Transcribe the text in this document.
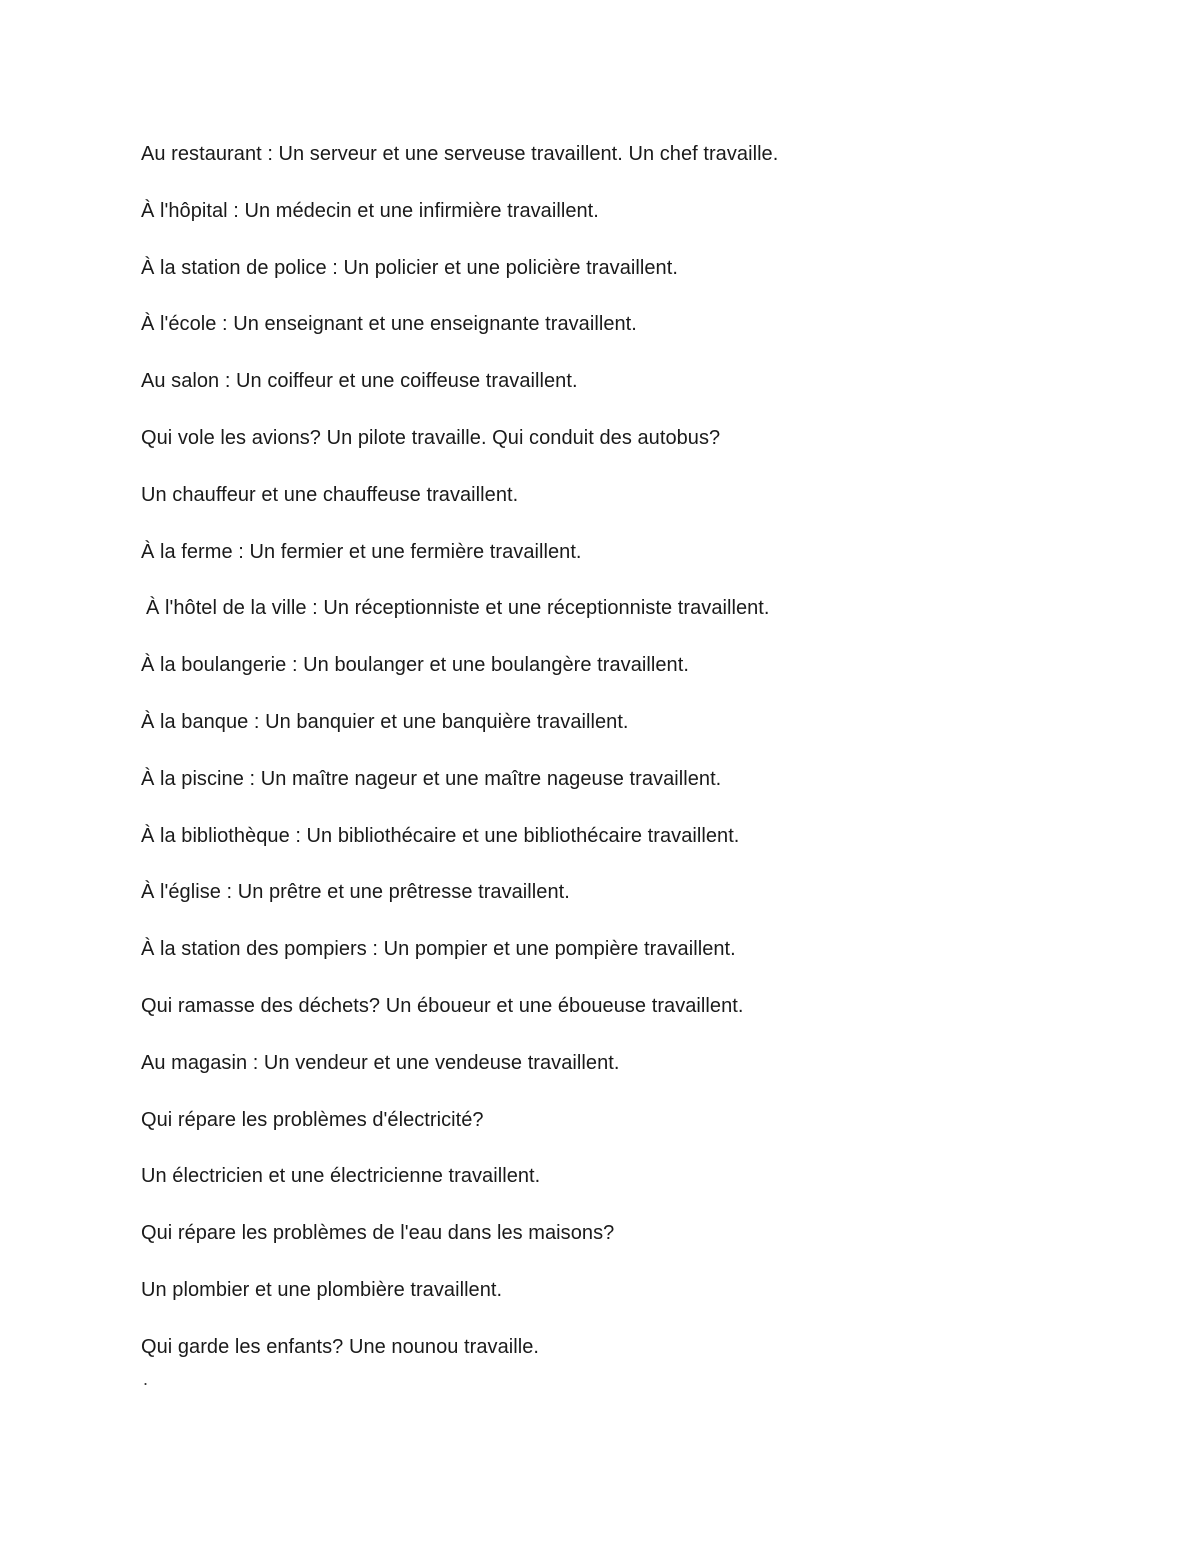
Au restaurant : Un serveur et une serveuse travaillent. Un chef travaille.

À l'hôpital : Un médecin et une infirmière travaillent.

À la station de police : Un policier et une policière travaillent.

À l'école : Un enseignant et une enseignante travaillent.

Au salon : Un coiffeur et une coiffeuse travaillent.

Qui vole les avions? Un pilote travaille. Qui conduit des autobus?

Un chauffeur et une chauffeuse travaillent.

À la ferme : Un fermier et une fermière travaillent.

À l'hôtel de la ville : Un réceptionniste et une réceptionniste travaillent.

À la boulangerie : Un boulanger et une boulangère travaillent.

À la banque : Un banquier et une banquière travaillent.

À la piscine : Un maître nageur et une maître nageuse travaillent.

À la bibliothèque : Un bibliothécaire et une bibliothécaire travaillent.

À l'église : Un prêtre et une prêtresse travaillent.

À la station des pompiers : Un pompier et une pompière travaillent.

Qui ramasse des déchets? Un éboueur et une éboueuse travaillent.

Au magasin : Un vendeur et une vendeuse travaillent.

Qui répare les problèmes d'électricité?

Un électricien et une électricienne travaillent.

Qui répare les problèmes de l'eau dans les maisons?

Un plombier et une plombière travaillent.

Qui garde les enfants? Une nounou travaille.

.
